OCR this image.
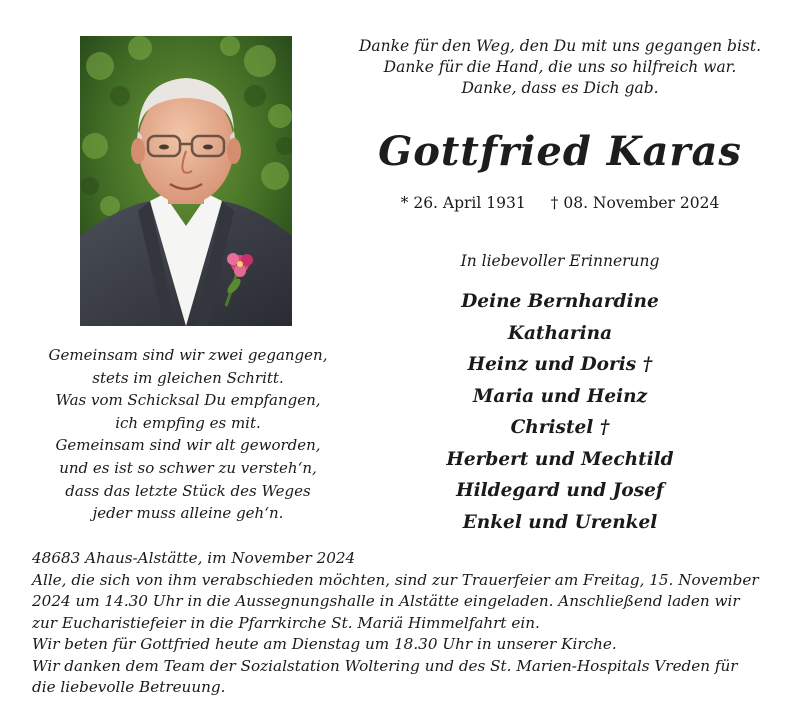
Danke für den Weg, den Du mit uns gegangen bist.
Danke für die Hand, die uns so hilfreich war.
Danke, dass es Dich gab.
Gottfried Karas
* 26. April 1931 † 08. November 2024
In liebevoller Erinnerung
Deine Bernhardine
Katharina
Heinz und Doris †
Maria und Heinz
Christel †
Herbert und Mechtild
Hildegard und Josef
Enkel und Urenkel
Gemeinsam sind wir zwei gegangen,
stets im gleichen Schritt.
Was vom Schicksal Du empfangen,
ich empfing es mit.
Gemeinsam sind wir alt geworden,
und es ist so schwer zu versteh‘n,
dass das letzte Stück des Weges
jeder muss alleine geh‘n.

48683 Ahaus-Alstätte, im November 2024

Alle, die sich von ihm verabschieden möchten, sind zur Trauerfeier am Freitag, 15. November

2024 um 14.30 Uhr in die Aussegnungshalle in Alstätte eingeladen. Anschließend laden wir

zur Eucharistiefeier in die Pfarrkirche St. Mariä Himmelfahrt ein.

Wir beten für Gottfried heute am Dienstag um 18.30 Uhr in unserer Kirche.

Wir danken dem Team der Sozialstation Woltering und des St. Marien-Hospitals Vreden für

die liebevolle Betreuung.
